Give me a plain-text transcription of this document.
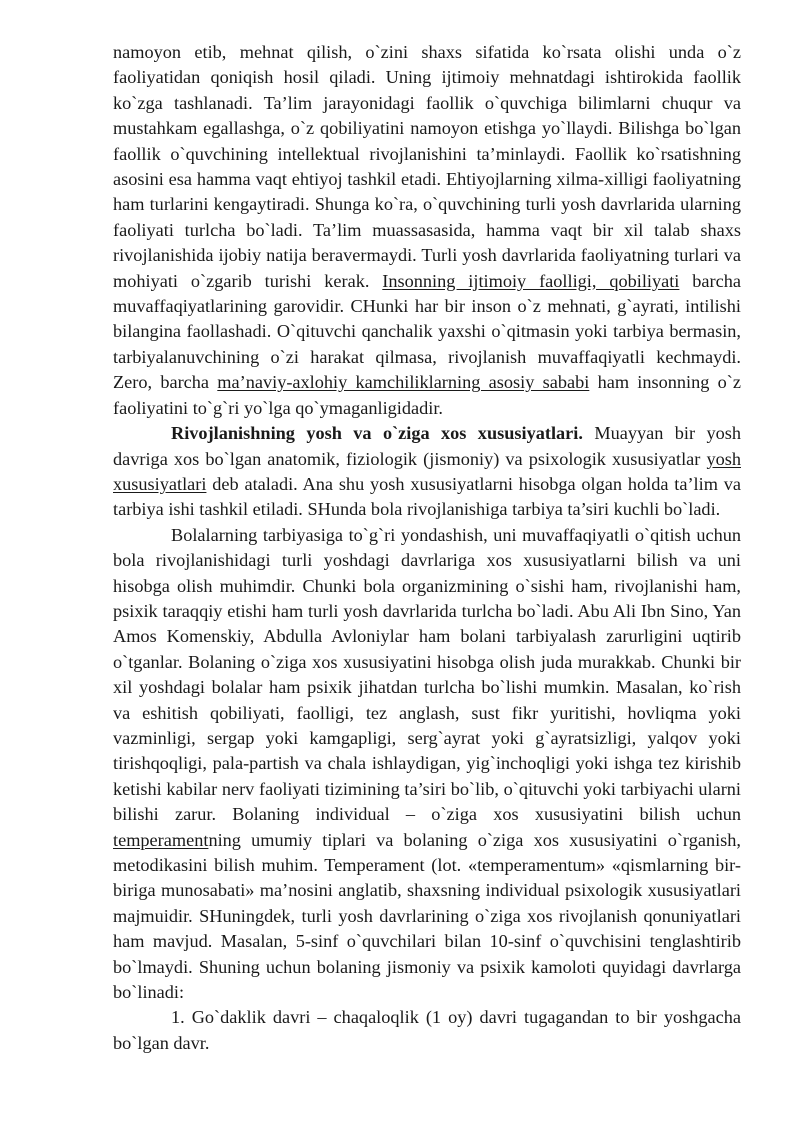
namoyon etib, mehnat qilish, o`zini shaxs sifatida ko`rsata olishi unda o`z faoliyatidan qoniqish hosil qiladi. Uning ijtimoiy mehnatdagi ishtirokida faollik ko`zga tashlanadi. Ta’lim jarayonidagi faollik o`quvchiga bilimlarni chuqur va mustahkam egallashga, o`z qobiliyatini namoyon etishga yo`llaydi. Bilishga bo`lgan faollik o`quvchining intellektual rivojlanishini ta’minlaydi. Faollik ko`rsatishning asosini esa hamma vaqt ehtiyoj tashkil etadi. Ehtiyojlarning xilma-xilligi faoliyatning ham turlarini kengaytiradi. Shunga ko`ra, o`quvchining turli yosh davrlarida ularning faoliyati turlcha bo`ladi. Ta’lim muassasasida, hamma vaqt bir xil talab shaxs rivojlanishida ijobiy natija beravermaydi. Turli yosh davrlarida faoliyatning turlari va mohiyati o`zgarib turishi kerak. Insonning ijtimoiy faolligi, qobiliyati barcha muvaffaqiyatlarining garovidir. CHunki har bir inson o`z mehnati, g`ayrati, intilishi bilangina faollashadi. O`qituvchi qanchalik yaxshi o`qitmasin yoki tarbiya bermasin, tarbiyalanuvchining o`zi harakat qilmasa, rivojlanish muvaffaqiyatli kechmaydi. Zero, barcha ma’naviy-axlohiy kamchiliklarning asosiy sababi ham insonning o`z faoliyatini to`g`ri yo`lga qo`ymaganligidadir.

Rivojlanishning yosh va o`ziga xos xususiyatlari. Muayyan bir yosh davriga xos bo`lgan anatomik, fiziologik (jismoniy) va psixologik xususiyatlar yosh xususiyatlari deb ataladi. Ana shu yosh xususiyatlarni hisobga olgan holda ta’lim va tarbiya ishi tashkil etiladi. SHunda bola rivojlanishiga tarbiya ta’siri kuchli bo`ladi.

Bolalarning tarbiyasiga to`g`ri yondashish, uni muvaffaqiyatli o`qitish uchun bola rivojlanishidagi turli yoshdagi davrlariga xos xususiyatlarni bilish va uni hisobga olish muhimdir. Chunki bola organizmining o`sishi ham, rivojlanishi ham, psixik taraqqiy etishi ham turli yosh davrlarida turlcha bo`ladi. Abu Ali Ibn Sino, Yan Amos Komenskiy, Abdulla Avloniylar ham bolani tarbiyalash zarurligini uqtirib o`tganlar. Bolaning o`ziga xos xususiyatini hisobga olish juda murakkab. Chunki bir xil yoshdagi bolalar ham psixik jihatdan turlcha bo`lishi mumkin. Masalan, ko`rish va eshitish qobiliyati, faolligi, tez anglash, sust fikr yuritishi, hovliqma yoki vazminligi, sergap yoki kamgapligi, serg`ayrat yoki g`ayratsizligi, yalqov yoki tirishqoqligi, pala-partish va chala ishlaydigan, yig`inchoqligi yoki ishga tez kirishib ketishi kabilar nerv faoliyati tizimining ta’siri bo`lib, o`qituvchi yoki tarbiyachi ularni bilishi zarur. Bolaning individual – o`ziga xos xususiyatini bilish uchun temperamentning umumiy tiplari va bolaning o`ziga xos xususiyatini o`rganish, metodikasini bilish muhim. Temperament (lot. «temperamentum» «qismlarning bir-biriga munosabati» ma’nosini anglatib, shaxsning individual psixologik xususiyatlari majmuidir. SHuningdek, turli yosh davrlarining o`ziga xos rivojlanish qonuniyatlari ham mavjud. Masalan, 5-sinf o`quvchilari bilan 10-sinf o`quvchisini tenglashtirib bo`lmaydi. Shuning uchun bolaning jismoniy va psixik kamoloti quyidagi davrlarga bo`linadi:

1. Go`daklik davri – chaqaloqlik (1 oy) davri tugagandan to bir yoshgacha bo`lgan davr.
